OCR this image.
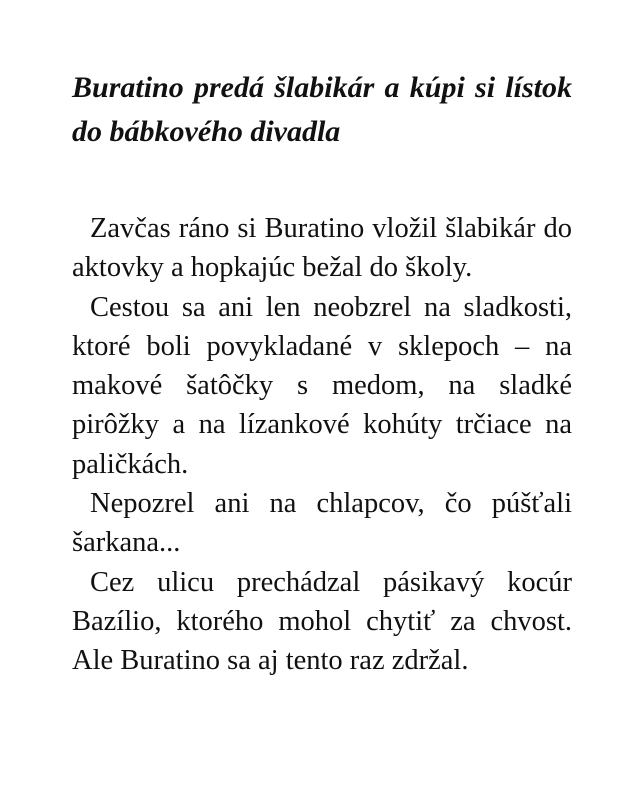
Buratino predá šlabikár a kúpi si lístok do bábkového divadla

Zavčas ráno si Buratino vložil šlabikár do aktovky a hopkajúc bežal do školy.

Cestou sa ani len neobzrel na sladkosti, ktoré boli povykladané v sklepoch – na makové šatôčky s medom, na sladké pirôžky a na lízankové kohúty trčiace na paličkách.

Nepozrel ani na chlapcov, čo púšťali šarkana...

Cez ulicu prechádzal pásikavý kocúr Bazílio, ktorého mohol chytiť za chvost. Ale Buratino sa aj tento raz zdržal.
